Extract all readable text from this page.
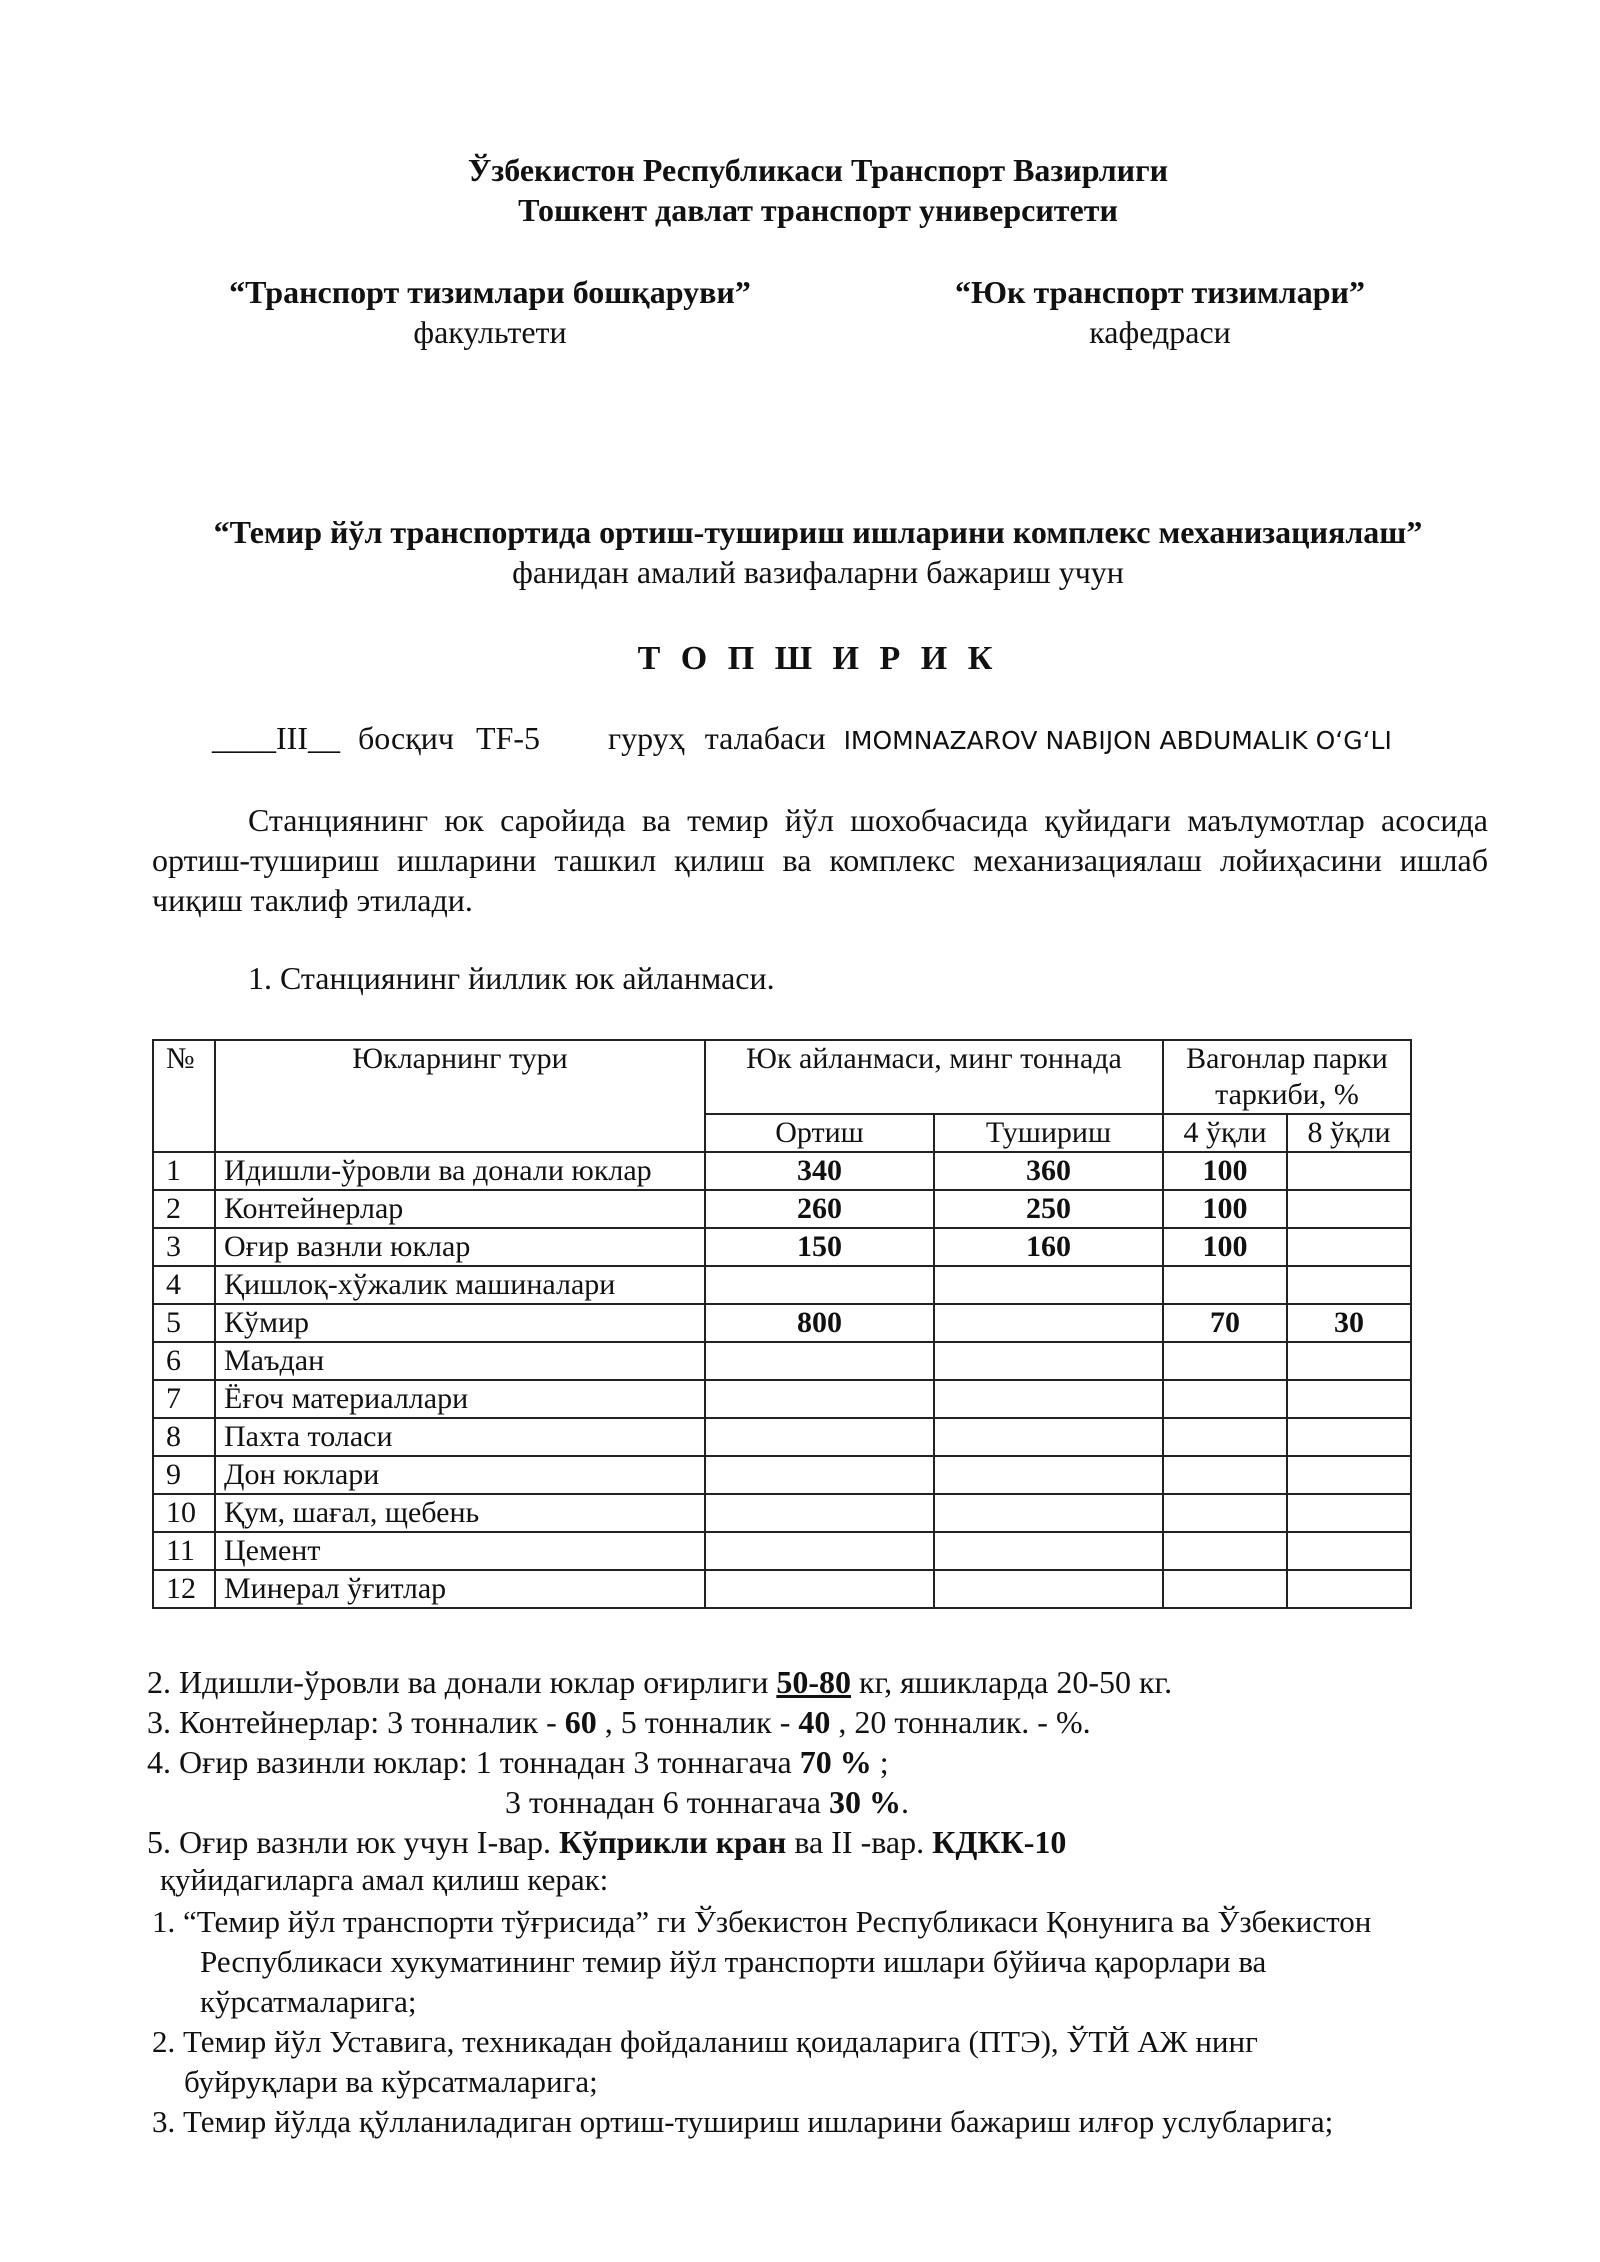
Ўзбекистон Республикаси Транспорт Вазирлиги
Тошкент давлат транспорт университети
“Транспорт тизимлари бошқаруви”
факультети
“Юк транспорт тизимлари”
кафедраси
“Темир йўл транспортида ортиш-тушириш ишларини комплекс механизациялаш”
фанидан амалий вазифаларни бажариш учун
Т О П Ш И Р И К
____III__ босқич TF-5 гуруҳ талабаси IMOMNAZAROV NABIJON ABDUMALIK O‘G‘LI
Станциянинг юк саройида ва темир йўл шохобчасида қуйидаги маълумотлар асосида ортиш-тушириш ишларини ташкил қилиш ва комплекс механизациялаш лойиҳасини ишлаб чиқиш таклиф этилади.
1. Станциянинг йиллик юк айланмаси.
№	Юкларнинг тури	Юк айланмаси, минг тоннада		Вагонлар парки таркиби, %	
		Ортиш	Тушириш	4 ўқли	8 ўқли
1	Идишли-ўровли ва донали юклар	340	360	100	
2	Контейнерлар	260	250	100	
3	Оғир вазнли юклар	150	160	100	
4	Қишлоқ-хўжалик машиналари				
5	Кўмир	800		70	30
6	Маъдан				
7	Ёғоч материаллари				
8	Пахта толаси				
9	Дон юклари				
10	Қум, шағал, щебень				
11	Цемент				
12	Минерал ўғитлар				
2. Идишли-ўровли ва донали юклар оғирлиги 50-80 кг, яшикларда 20-50 кг.
3. Контейнерлар: 3 тонналик - 60 , 5 тонналик - 40 , 20 тонналик. - %.
4. Оғир вазинли юклар: 1 тоннадан 3 тоннагача 70 % ;
3 тоннадан 6 тоннагача 30 %.
5. Оғир вазнли юк учун I-вар. Кўприкли кран ва II -вар. КДКК-10
қуйидагиларга амал қилиш керак:
1. “Темир йўл транспорти тўғрисида” ги Ўзбекистон Республикаси Қонунига ва Ўзбекистон
Республикаси хукуматининг темир йўл транспорти ишлари бўйича қарорлари ва
кўрсатмаларига;
2. Темир йўл Уставига, техникадан фойдаланиш қоидаларига (ПТЭ), ЎТЙ АЖ нинг
буйруқлари ва кўрсатмаларига;
3. Темир йўлда қўлланиладиган ортиш-тушириш ишларини бажариш илғор услубларига;
